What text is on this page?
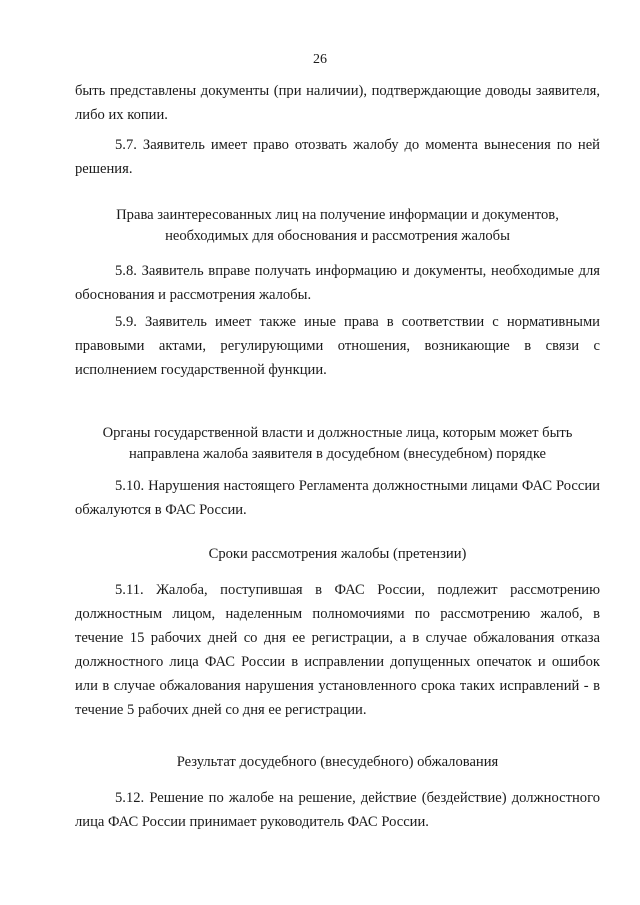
26

быть представлены документы (при наличии), подтверждающие доводы заявителя, либо их копии.

5.7. Заявитель имеет право отозвать жалобу до момента вынесения по ней решения.

Права заинтересованных лиц на получение информации и документов, необходимых для обоснования и рассмотрения жалобы

5.8. Заявитель вправе получать информацию и документы, необходимые для обоснования и рассмотрения жалобы.

5.9. Заявитель имеет также иные права в соответствии с нормативными правовыми актами, регулирующими отношения, возникающие в связи с исполнением государственной функции.

Органы государственной власти и должностные лица, которым может быть направлена жалоба заявителя в досудебном (внесудебном) порядке

5.10. Нарушения настоящего Регламента должностными лицами ФАС России обжалуются в ФАС России.

Сроки рассмотрения жалобы (претензии)

5.11. Жалоба, поступившая в ФАС России, подлежит рассмотрению должностным лицом, наделенным полномочиями по рассмотрению жалоб, в течение 15 рабочих дней со дня ее регистрации, а в случае обжалования отказа должностного лица ФАС России в исправлении допущенных опечаток и ошибок или в случае обжалования нарушения установленного срока таких исправлений - в течение 5 рабочих дней со дня ее регистрации.

Результат досудебного (внесудебного) обжалования

5.12. Решение по жалобе на решение, действие (бездействие) должностного лица ФАС России принимает руководитель ФАС России.
